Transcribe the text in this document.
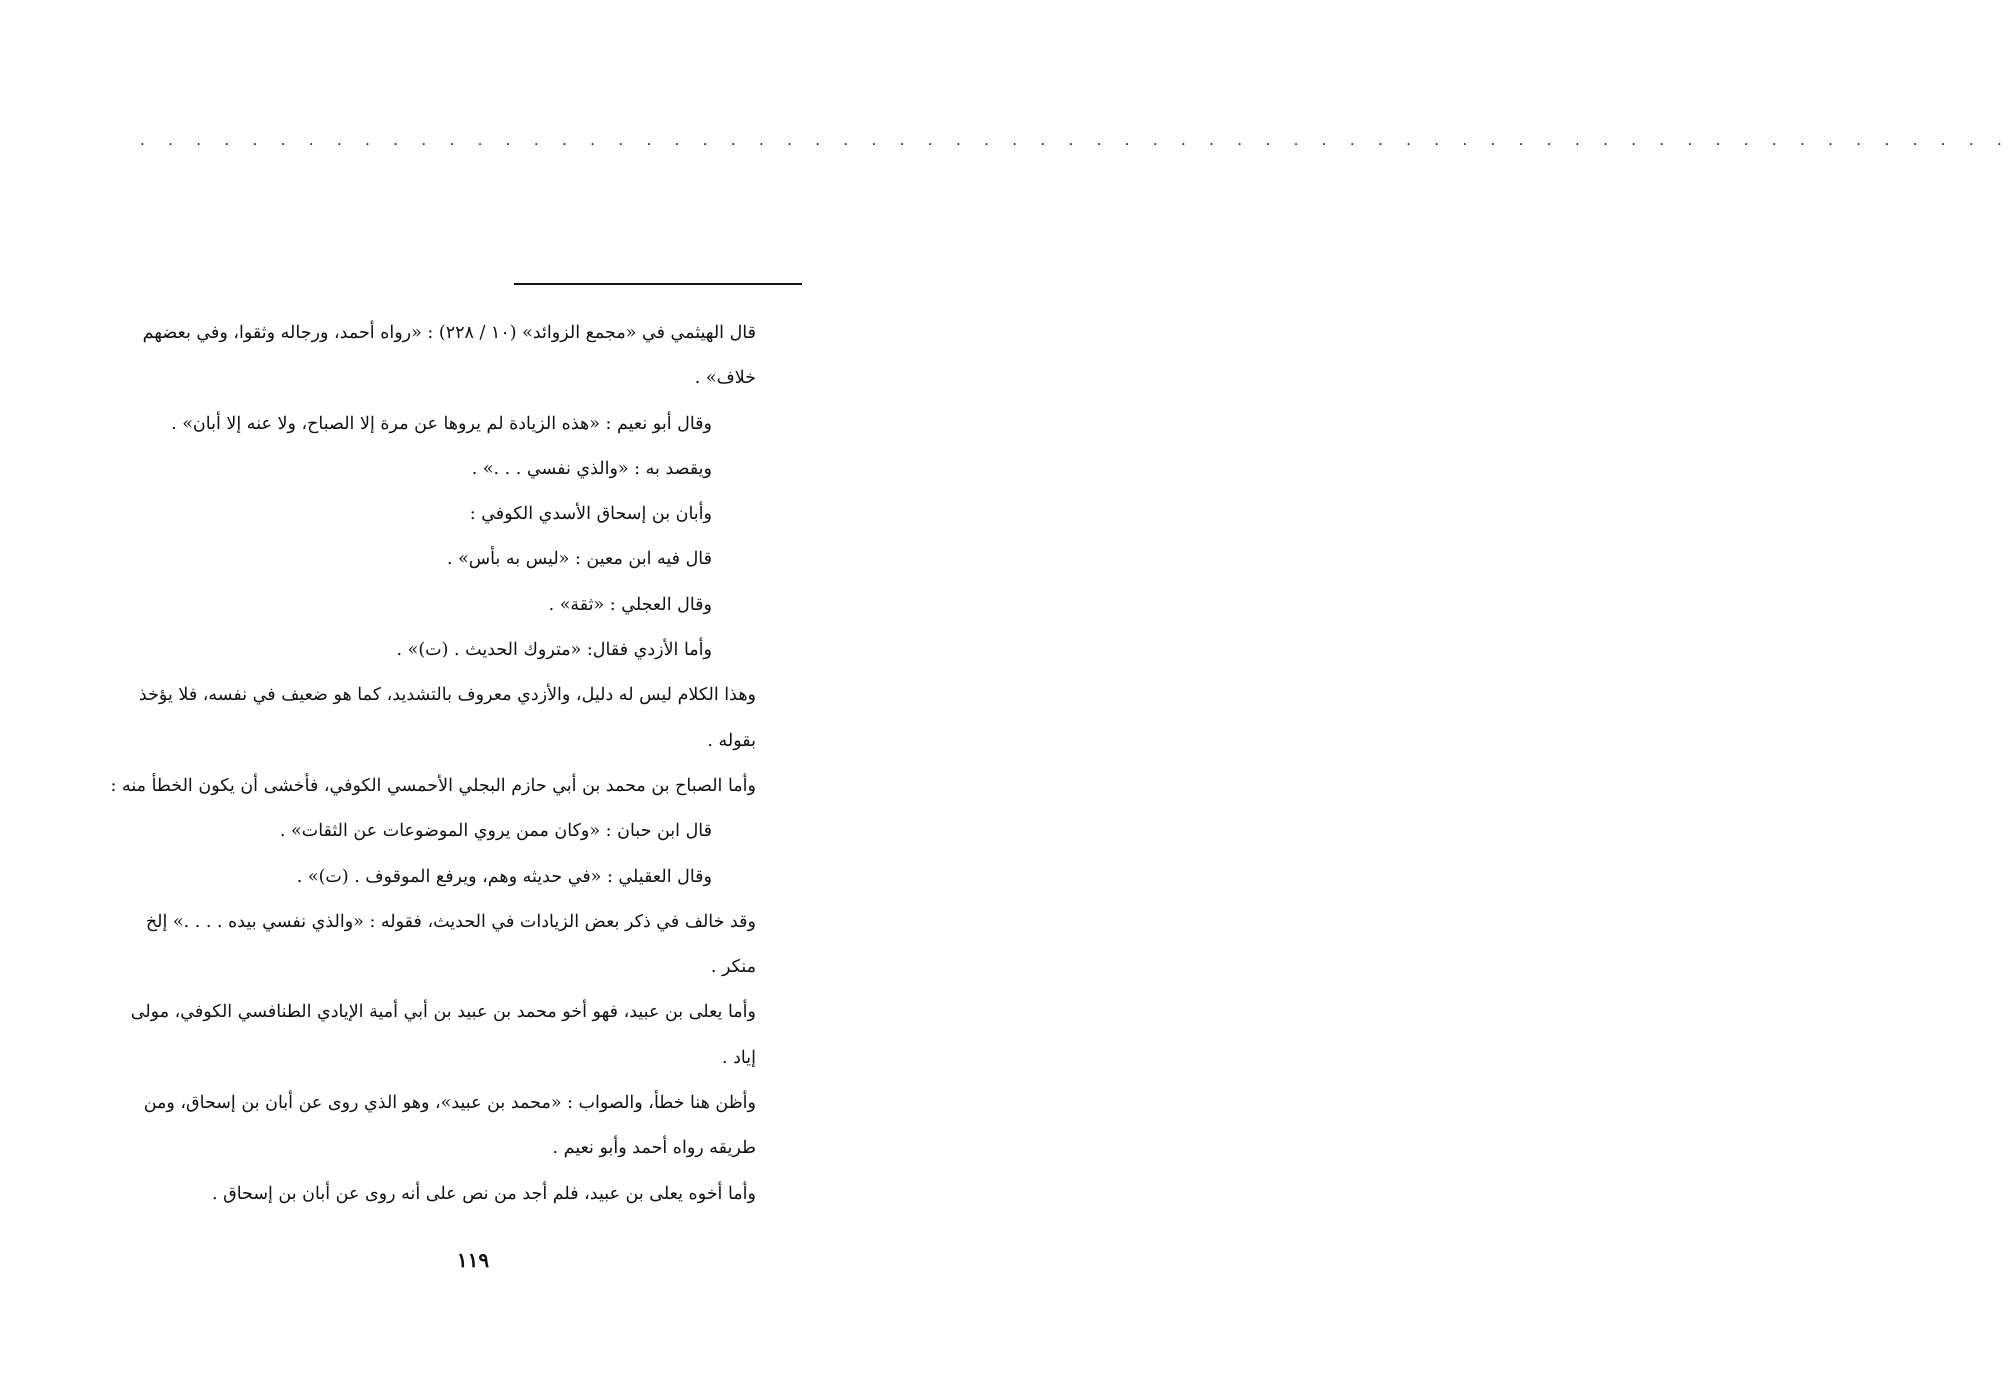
. . . . . . . . . . . . . . . . . . . . . . . . . . . . . . . . . . . . . . . . . . . . . . . . . . . . . . . . . . . . . . . . . . .

قال الهيثمي في «مجمع الزوائد» (١٠ / ٢٢٨) : «رواه أحمد، ورجاله وثقوا، وفي بعضهم خلاف» .

وقال أبو نعيم : «هذه الزيادة لم يروها عن مرة إلا الصباح، ولا عنه إلا أبان» .

ويقصد به : «والذي نفسي . . .» .

وأبان بن إسحاق الأسدي الكوفي :

قال فيه ابن معين : «ليس به بأس» .

وقال العجلي : «ثقة» .

وأما الأزدي فقال: «متروك الحديث . (ت)» .

وهذا الكلام ليس له دليل، والأزدي معروف بالتشديد، كما هو ضعيف في نفسه، فلا يؤخذ بقوله .

وأما الصباح بن محمد بن أبي حازم البجلي الأحمسي الكوفي، فأخشى أن يكون الخطأ منه :

قال ابن حبان : «وكان ممن يروي الموضوعات عن الثقات» .

وقال العقيلي : «في حديثه وهم، ويرفع الموقوف . (ت)» .

وقد خالف في ذكر بعض الزيادات في الحديث، فقوله : «والذي نفسي بيده . . . .» إلخ منكر .

وأما يعلى بن عبيد، فهو أخو محمد بن عبيد بن أبي أمية الإيادي الطنافسي الكوفي، مولى إياد .

وأظن هنا خطأ، والصواب : «محمد بن عبيد»، وهو الذي روى عن أبان بن إسحاق، ومن طريقه رواه أحمد وأبو نعيم .

وأما أخوه يعلى بن عبيد، فلم أجد من نص على أنه روى عن أبان بن إسحاق .

١١٩
